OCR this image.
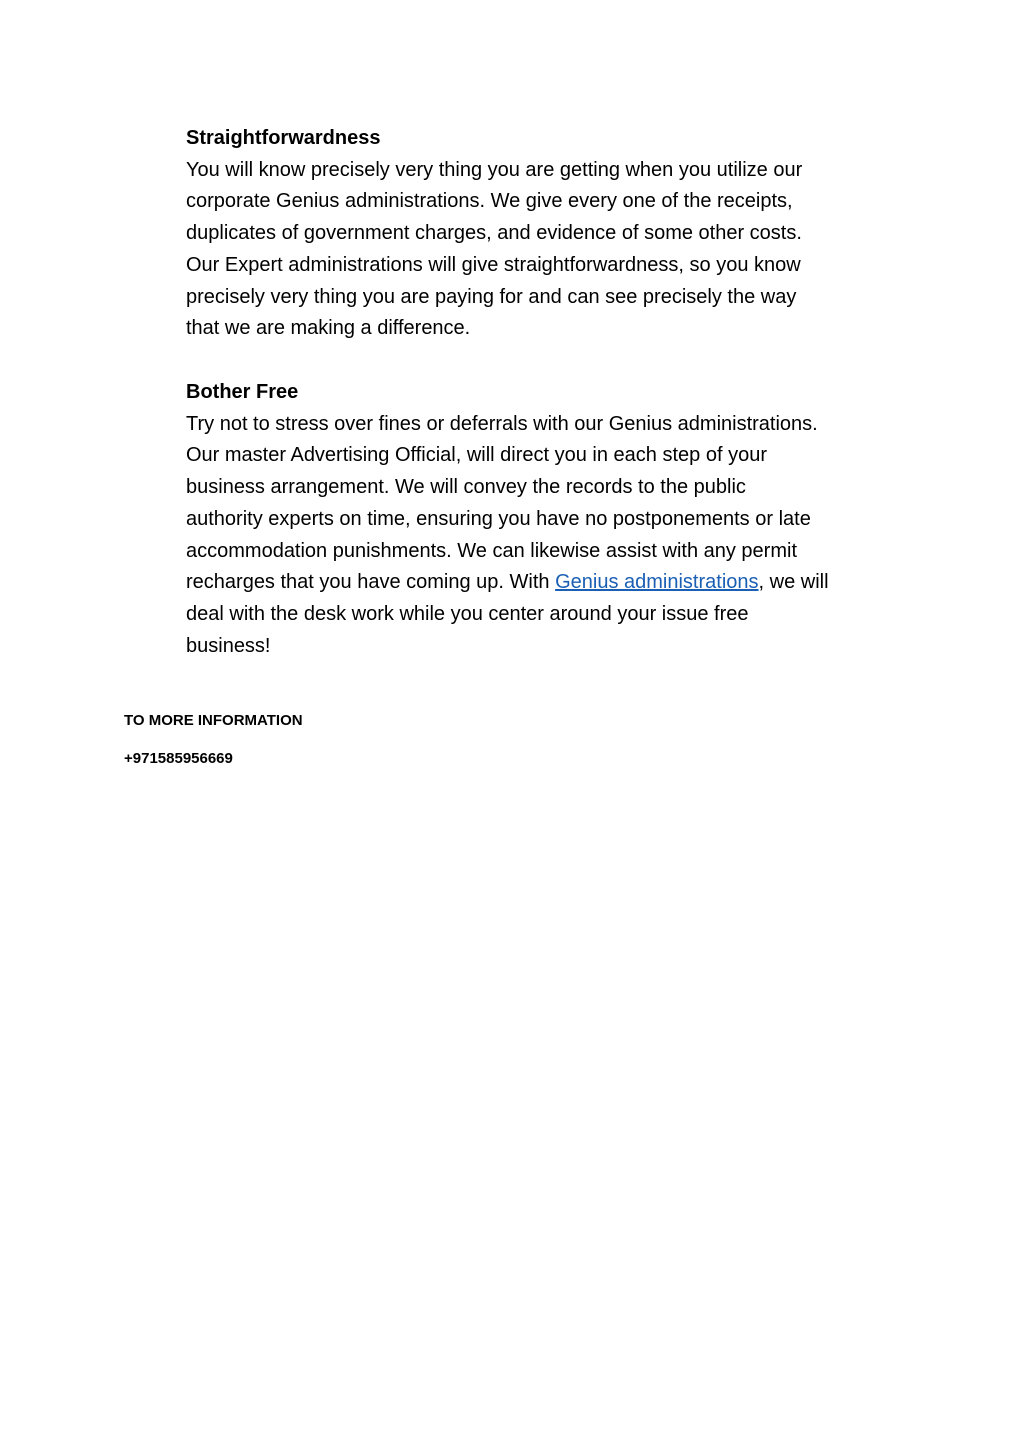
Straightforwardness
You will know precisely very thing you are getting when you utilize our
corporate Genius administrations. We give every one of the receipts,
duplicates of government charges, and evidence of some other costs.
Our Expert administrations will give straightforwardness, so you know
precisely very thing you are paying for and can see precisely the way
that we are making a difference.
Bother Free
Try not to stress over fines or deferrals with our Genius administrations.
Our master Advertising Official, will direct you in each step of your
business arrangement. We will convey the records to the public
authority experts on time, ensuring you have no postponements or late
accommodation punishments. We can likewise assist with any permit
recharges that you have coming up. With Genius administrations, we will
deal with the desk work while you center around your issue free
business!
TO MORE INFORMATION
+971585956669
